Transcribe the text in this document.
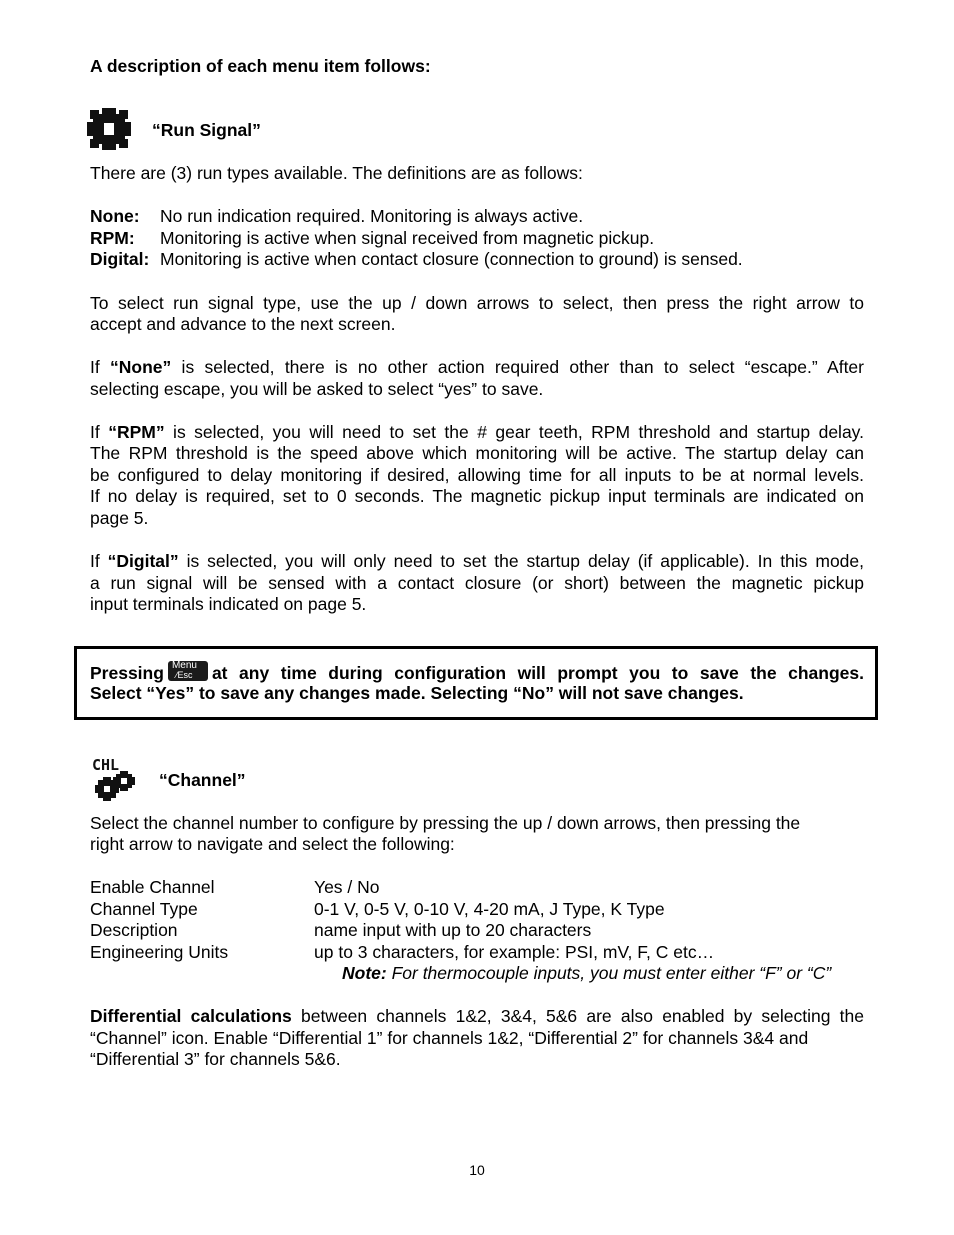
A description of each menu item follows:
“Run Signal”
There are (3) run types available. The definitions are as follows:
None: No run indication required. Monitoring is always active.
RPM: Monitoring is active when signal received from magnetic pickup.
Digital: Monitoring is active when contact closure (connection to ground) is sensed.
To select run signal type, use the up / down arrows to select, then press the right arrow to
accept and advance to the next screen.
If “None” is selected, there is no other action required other than to select “escape.” After
selecting escape, you will be asked to select “yes” to save.
If “RPM” is selected, you will need to set the # gear teeth, RPM threshold and startup delay.
The RPM threshold is the speed above which monitoring will be active. The startup delay can
be configured to delay monitoring if desired, allowing time for all inputs to be at normal levels.
If no delay is required, set to 0 seconds. The magnetic pickup input terminals are indicated on
page 5.
If “Digital” is selected, you will only need to set the startup delay (if applicable). In this mode,
a run signal will be sensed with a contact closure (or short) between the magnetic pickup
input terminals indicated on page 5.
Pressing Menu
⁄Esc at any time during configuration will prompt you to save the changes.
Select “Yes” to save any changes made. Selecting “No” will not save changes.
CHL
“Channel”
Select the channel number to configure by pressing the up / down arrows, then pressing the
right arrow to navigate and select the following:
Enable Channel	Yes / No
Channel Type	0-1 V, 0-5 V, 0-10 V, 4-20 mA, J Type, K Type
Description	name input with up to 20 characters
Engineering Units	up to 3 characters, for example: PSI, mV, F, C etc…
Note: For thermocouple inputs, you must enter either “F” or “C”
Differential calculations between channels 1&2, 3&4, 5&6 are also enabled by selecting the
“Channel” icon. Enable “Differential 1” for channels 1&2, “Differential 2” for channels 3&4 and
“Differential 3” for channels 5&6.
10
